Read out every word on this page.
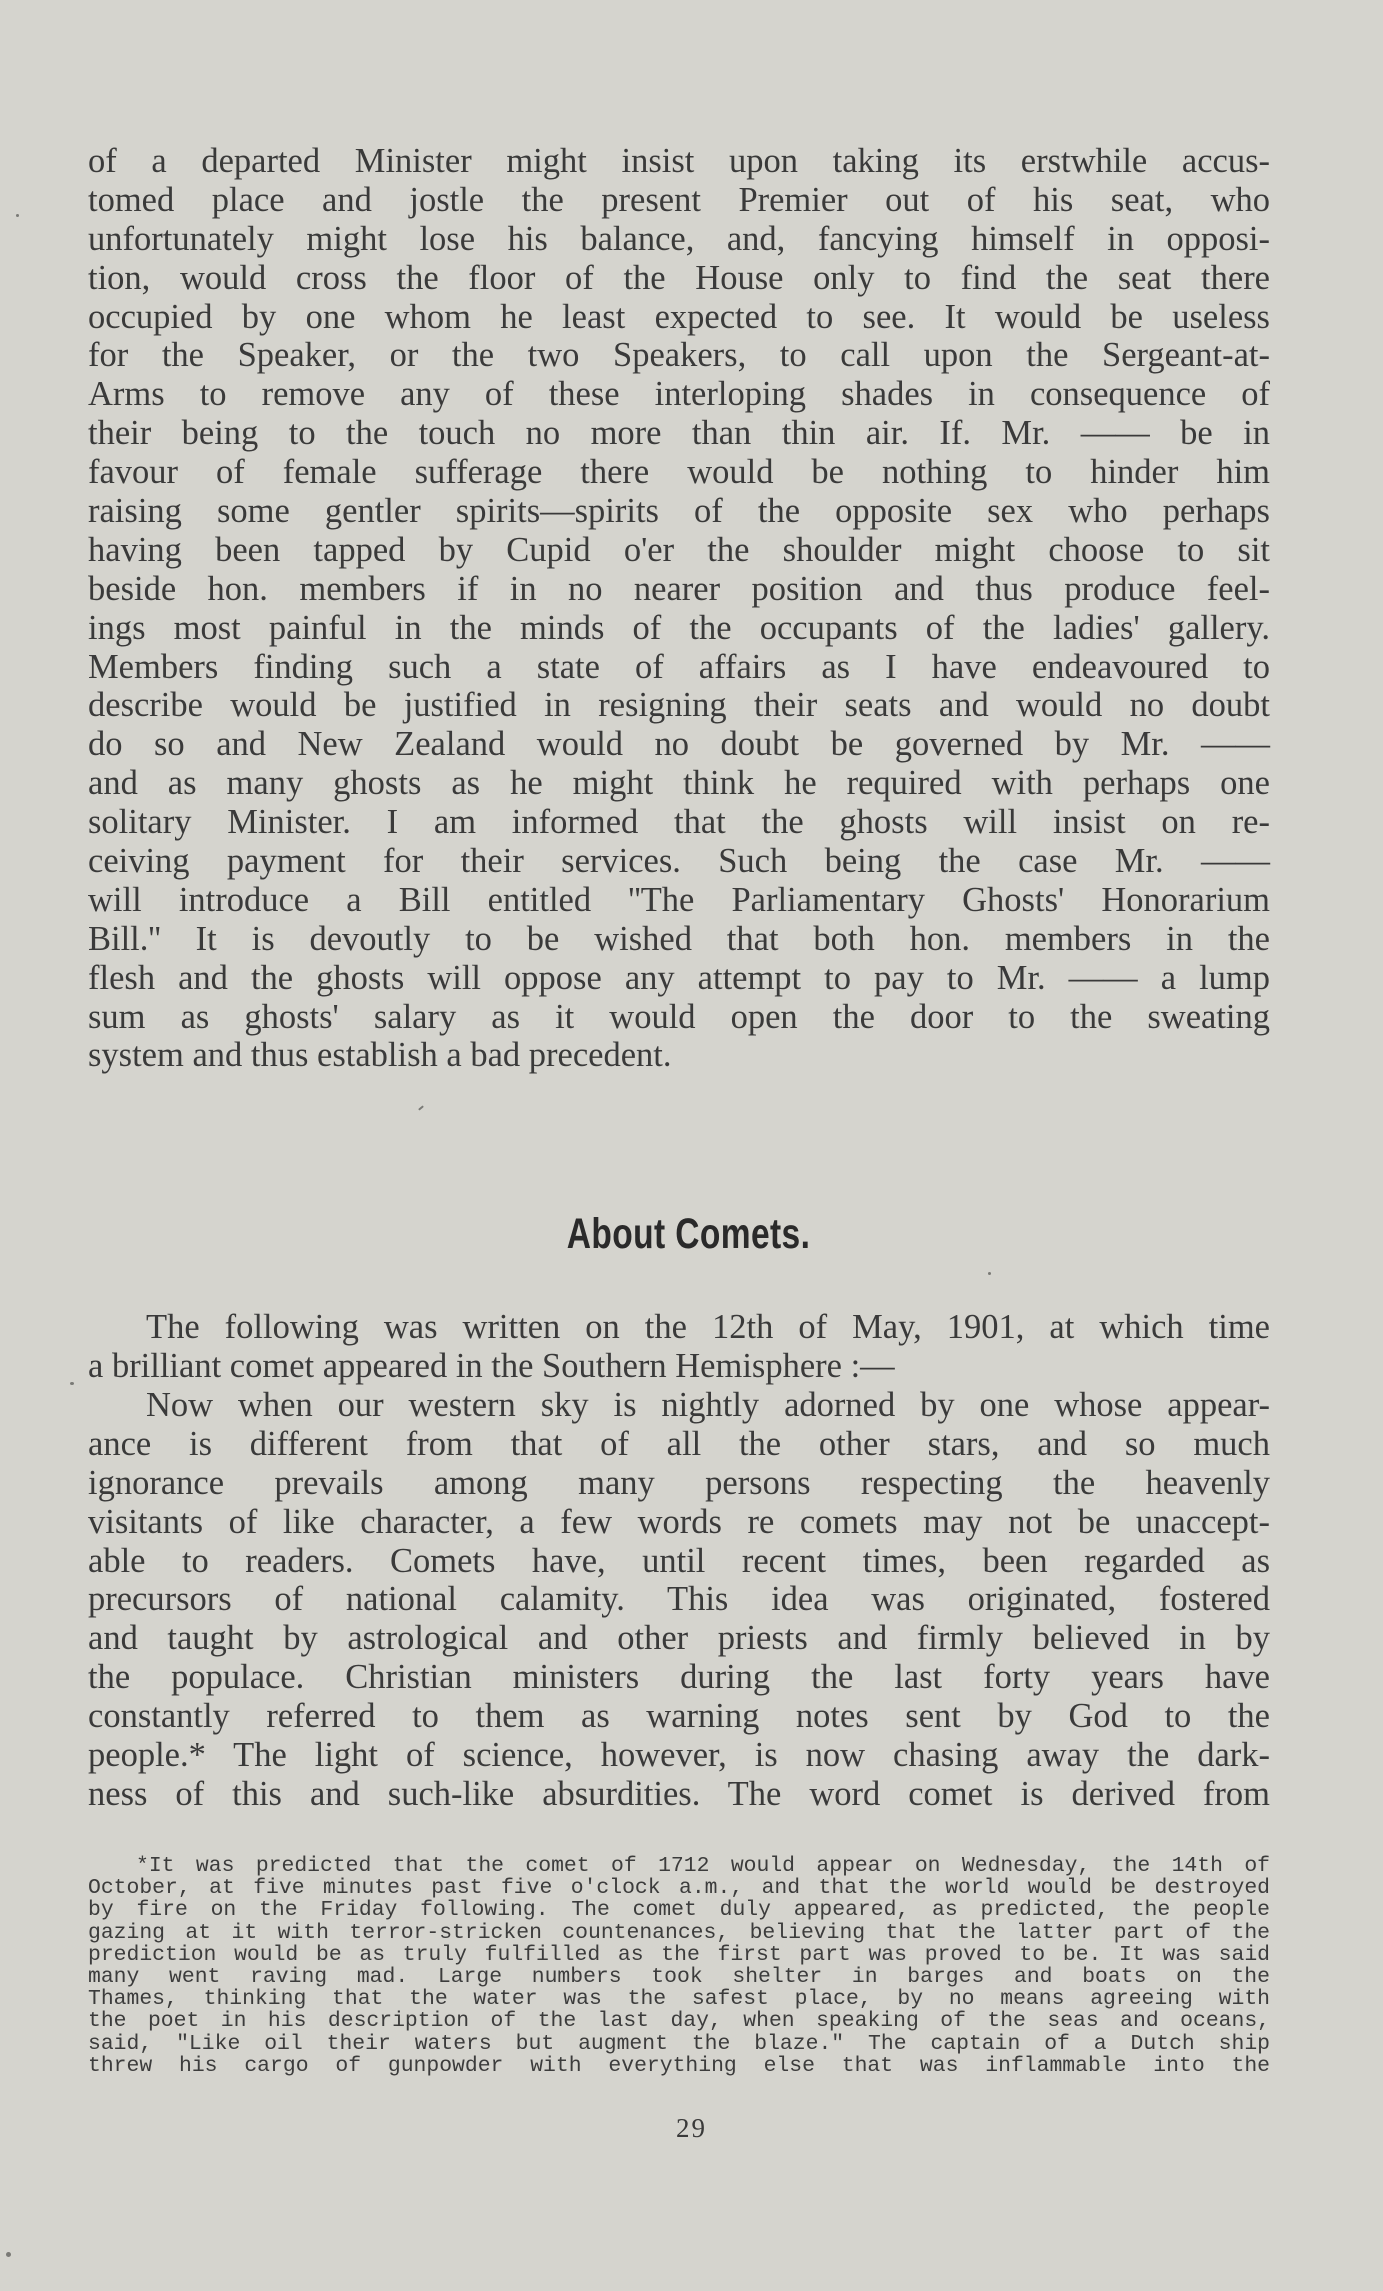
of a departed Minister might insist upon taking its erstwhile accus-
tomed place and jostle the present Premier out of his seat, who
unfortunately might lose his balance, and, fancying himself in opposi-
tion, would cross the floor of the House only to find the seat there
occupied by one whom he least expected to see. It would be useless
for the Speaker, or the two Speakers, to call upon the Sergeant-at-
Arms to remove any of these interloping shades in consequence of
their being to the touch no more than thin air. If. Mr. —— be in
favour of female sufferage there would be nothing to hinder him
raising some gentler spirits—spirits of the opposite sex who perhaps
having been tapped by Cupid o'er the shoulder might choose to sit
beside hon. members if in no nearer position and thus produce feel-
ings most painful in the minds of the occupants of the ladies' gallery.
Members finding such a state of affairs as I have endeavoured to
describe would be justified in resigning their seats and would no doubt
do so and New Zealand would no doubt be governed by Mr. ——
and as many ghosts as he might think he required with perhaps one
solitary Minister. I am informed that the ghosts will insist on re-
ceiving payment for their services. Such being the case Mr. ——
will introduce a Bill entitled ''The Parliamentary Ghosts' Honorarium
Bill.'' It is devoutly to be wished that both hon. members in the
flesh and the ghosts will oppose any attempt to pay to Mr. —— a lump
sum as ghosts' salary as it would open the door to the sweating
system and thus establish a bad precedent.
About Comets.
The following was written on the 12th of May, 1901, at which time
a brilliant comet appeared in the Southern Hemisphere :—
Now when our western sky is nightly adorned by one whose appear-
ance is different from that of all the other stars, and so much
ignorance prevails among many persons respecting the heavenly
visitants of like character, a few words re comets may not be unaccept-
able to readers. Comets have, until recent times, been regarded as
precursors of national calamity. This idea was originated, fostered
and taught by astrological and other priests and firmly believed in by
the populace. Christian ministers during the last forty years have
constantly referred to them as warning notes sent by God to the
people.* The light of science, however, is now chasing away the dark-
ness of this and such-like absurdities. The word comet is derived from
*It was predicted that the comet of 1712 would appear on Wednesday, the 14th of
October, at five minutes past five o'clock a.m., and that the world would be destroyed
by fire on the Friday following. The comet duly appeared, as predicted, the people
gazing at it with terror-stricken countenances, believing that the latter part of the
prediction would be as truly fulfilled as the first part was proved to be. It was said
many went raving mad. Large numbers took shelter in barges and boats on the
Thames, thinking that the water was the safest place, by no means agreeing with
the poet in his description of the last day, when speaking of the seas and oceans,
said, "Like oil their waters but augment the blaze." The captain of a Dutch ship
threw his cargo of gunpowder with everything else that was inflammable into the
29
